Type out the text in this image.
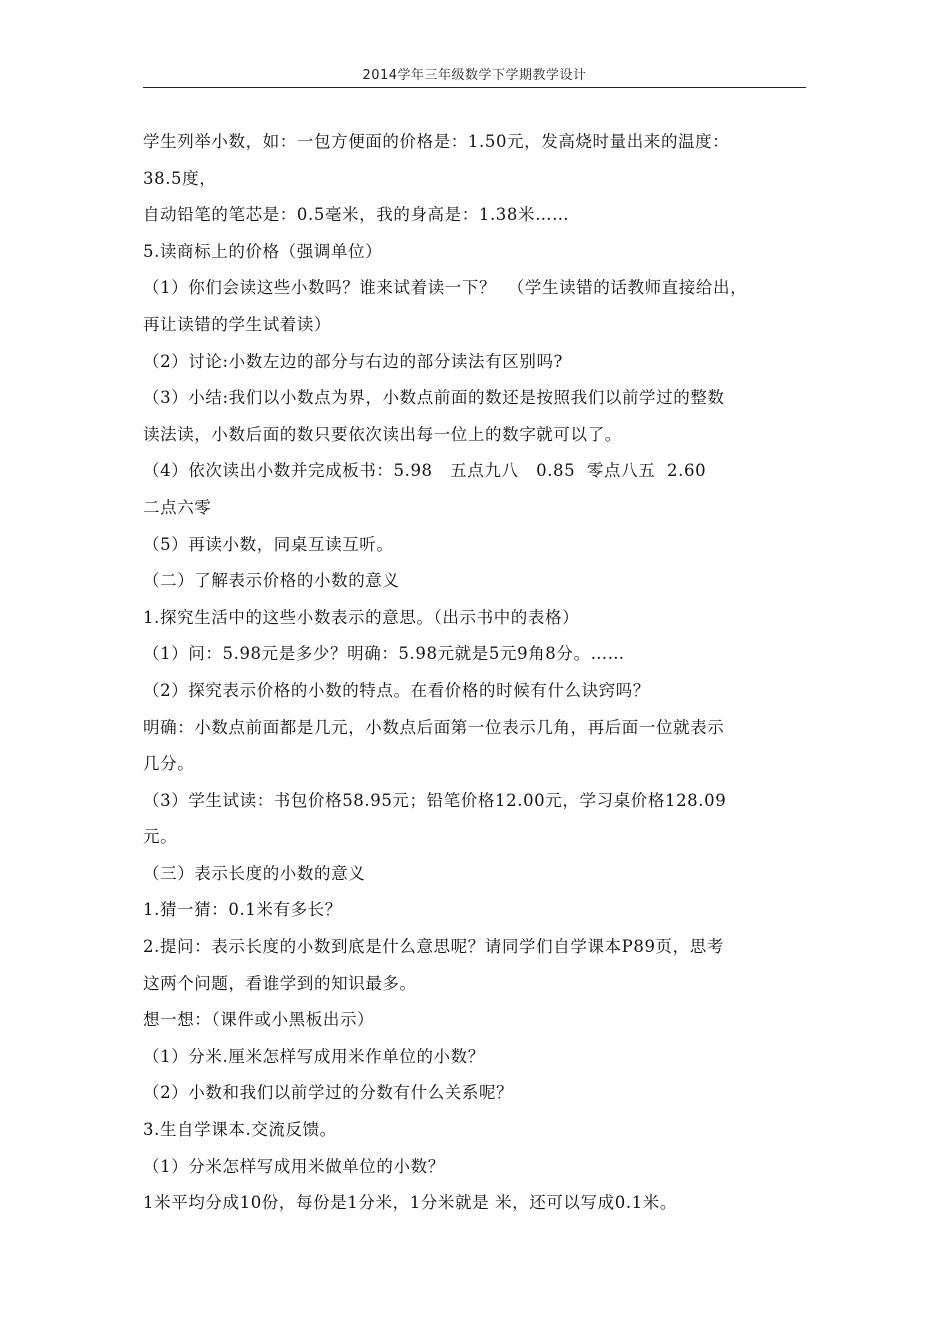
2014学年三年级数学下学期教学设计
学生列举小数，如：一包方便面的价格是：1.50元，发高烧时量出来的温度：
38.5度，
自动铅笔的笔芯是：0.5毫米，我的身高是：1.38米……
5.读商标上的价格（强调单位）
（1）你们会读这些小数吗？谁来试着读一下？  （学生读错的话教师直接给出，
再让读错的学生试着读）
（2）讨论:小数左边的部分与右边的部分读法有区别吗?
（3）小结:我们以小数点为界，小数点前面的数还是按照我们以前学过的整数
读法读，小数后面的数只要依次读出每一位上的数字就可以了。
（4）依次读出小数并完成板书：5.98   五点九八   0.85  零点八五  2.60
二点六零
（5）再读小数，同桌互读互听。
（二）了解表示价格的小数的意义
1.探究生活中的这些小数表示的意思。（出示书中的表格）
（1）问：5.98元是多少？明确：5.98元就是5元9角8分。……
（2）探究表示价格的小数的特点。在看价格的时候有什么诀窍吗？
明确：小数点前面都是几元，小数点后面第一位表示几角，再后面一位就表示
几分。
（3）学生试读：书包价格58.95元；铅笔价格12.00元，学习桌价格128.09
元。
（三）表示长度的小数的意义
1.猜一猜：0.1米有多长？
2.提问：表示长度的小数到底是什么意思呢？请同学们自学课本P89页，思考
这两个问题，看谁学到的知识最多。
想一想：（课件或小黑板出示）
（1）分米.厘米怎样写成用米作单位的小数？
（2）小数和我们以前学过的分数有什么关系呢？
3.生自学课本.交流反馈。
（1）分米怎样写成用米做单位的小数？
1米平均分成10份，每份是1分米，1分米就是 米，还可以写成0.1米。
